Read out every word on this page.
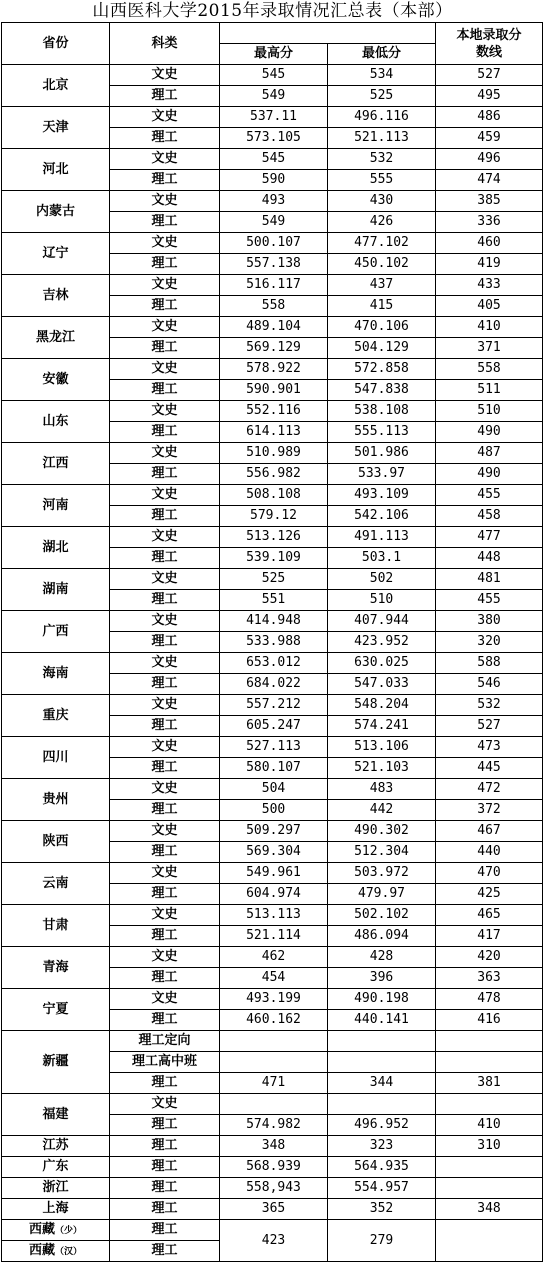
山西医科大学2015年录取情况汇总表（本部）
省份	科类			本地录取分数线
		最高分	最低分	
北京	文史	545	534	527
	理工	549	525	495
天津	文史	537.11	496.116	486
	理工	573.105	521.113	459
河北	文史	545	532	496
	理工	590	555	474
内蒙古	文史	493	430	385
	理工	549	426	336
辽宁	文史	500.107	477.102	460
	理工	557.138	450.102	419
吉林	文史	516.117	437	433
	理工	558	415	405
黑龙江	文史	489.104	470.106	410
	理工	569.129	504.129	371
安徽	文史	578.922	572.858	558
	理工	590.901	547.838	511
山东	文史	552.116	538.108	510
	理工	614.113	555.113	490
江西	文史	510.989	501.986	487
	理工	556.982	533.97	490
河南	文史	508.108	493.109	455
	理工	579.12	542.106	458
湖北	文史	513.126	491.113	477
	理工	539.109	503.1	448
湖南	文史	525	502	481
	理工	551	510	455
广西	文史	414.948	407.944	380
	理工	533.988	423.952	320
海南	文史	653.012	630.025	588
	理工	684.022	547.033	546
重庆	文史	557.212	548.204	532
	理工	605.247	574.241	527
四川	文史	527.113	513.106	473
	理工	580.107	521.103	445
贵州	文史	504	483	472
	理工	500	442	372
陕西	文史	509.297	490.302	467
	理工	569.304	512.304	440
云南	文史	549.961	503.972	470
	理工	604.974	479.97	425
甘肃	文史	513.113	502.102	465
	理工	521.114	486.094	417
青海	文史	462	428	420
	理工	454	396	363
宁夏	文史	493.199	490.198	478
	理工	460.162	440.141	416
新疆	理工定向			
	理工高中班			
	理工	471	344	381
福建	文史			
	理工	574.982	496.952	410
江苏	理工	348	323	310
广东	理工	568.939	564.935	
浙江	理工	558,943	554.957	
上海	理工	365	352	348
西藏（少）	理工	423	279	
西藏（汉）	理工			
